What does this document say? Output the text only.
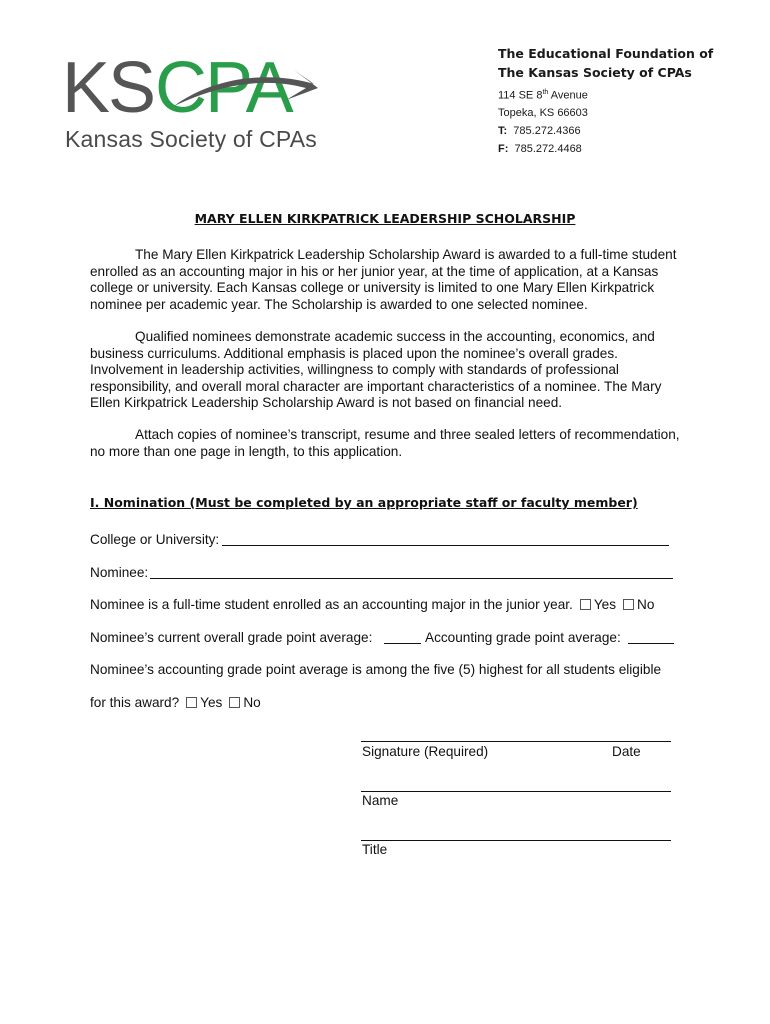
KS CPA
Kansas Society of CPAs
The Educational Foundation of
The Kansas Society of CPAs
114 SE 8th Avenue
Topeka, KS 66603
T: 785.272.4366
F: 785.272.4468
MARY ELLEN KIRKPATRICK LEADERSHIP SCHOLARSHIP
The Mary Ellen Kirkpatrick Leadership Scholarship Award is awarded to a full-time student enrolled as an accounting major in his or her junior year, at the time of application, at a Kansas college or university. Each Kansas college or university is limited to one Mary Ellen Kirkpatrick nominee per academic year. The Scholarship is awarded to one selected nominee.
Qualified nominees demonstrate academic success in the accounting, economics, and business curriculums. Additional emphasis is placed upon the nominee’s overall grades. Involvement in leadership activities, willingness to comply with standards of professional responsibility, and overall moral character are important characteristics of a nominee. The Mary Ellen Kirkpatrick Leadership Scholarship Award is not based on financial need.
Attach copies of nominee’s transcript, resume and three sealed letters of recommendation, no more than one page in length, to this application.
I. Nomination (Must be completed by an appropriate staff or faculty member)
College or University:
Nominee:
Nominee is a full-time student enrolled as an accounting major in the junior year. Yes No
Nominee’s current overall grade point average:	Accounting grade point average:
Nominee’s accounting grade point average is among the five (5) highest for all students eligible
for this award? Yes No
Signature (Required)	Date
Name
Title
